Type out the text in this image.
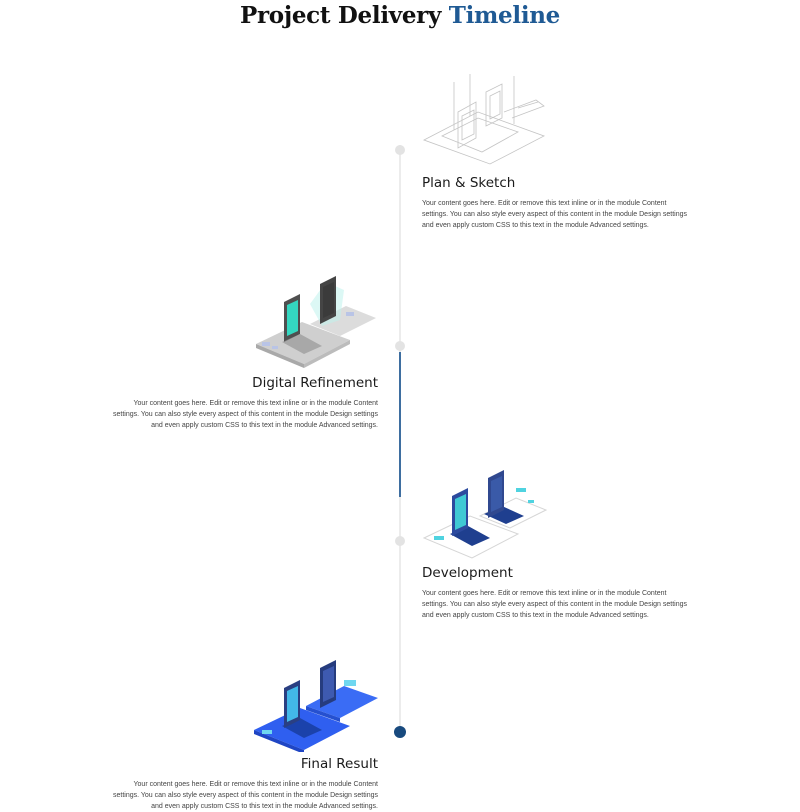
Project Delivery Timeline
Plan & Sketch
Your content goes here. Edit or remove this text inline or in the module Content
settings. You can also style every aspect of this content in the module Design settings
and even apply custom CSS to this text in the module Advanced settings.
Digital Refinement
Your content goes here. Edit or remove this text inline or in the module Content
settings. You can also style every aspect of this content in the module Design settings
and even apply custom CSS to this text in the module Advanced settings.
Development
Your content goes here. Edit or remove this text inline or in the module Content
settings. You can also style every aspect of this content in the module Design settings
and even apply custom CSS to this text in the module Advanced settings.
Final Result
Your content goes here. Edit or remove this text inline or in the module Content
settings. You can also style every aspect of this content in the module Design settings
and even apply custom CSS to this text in the module Advanced settings.
